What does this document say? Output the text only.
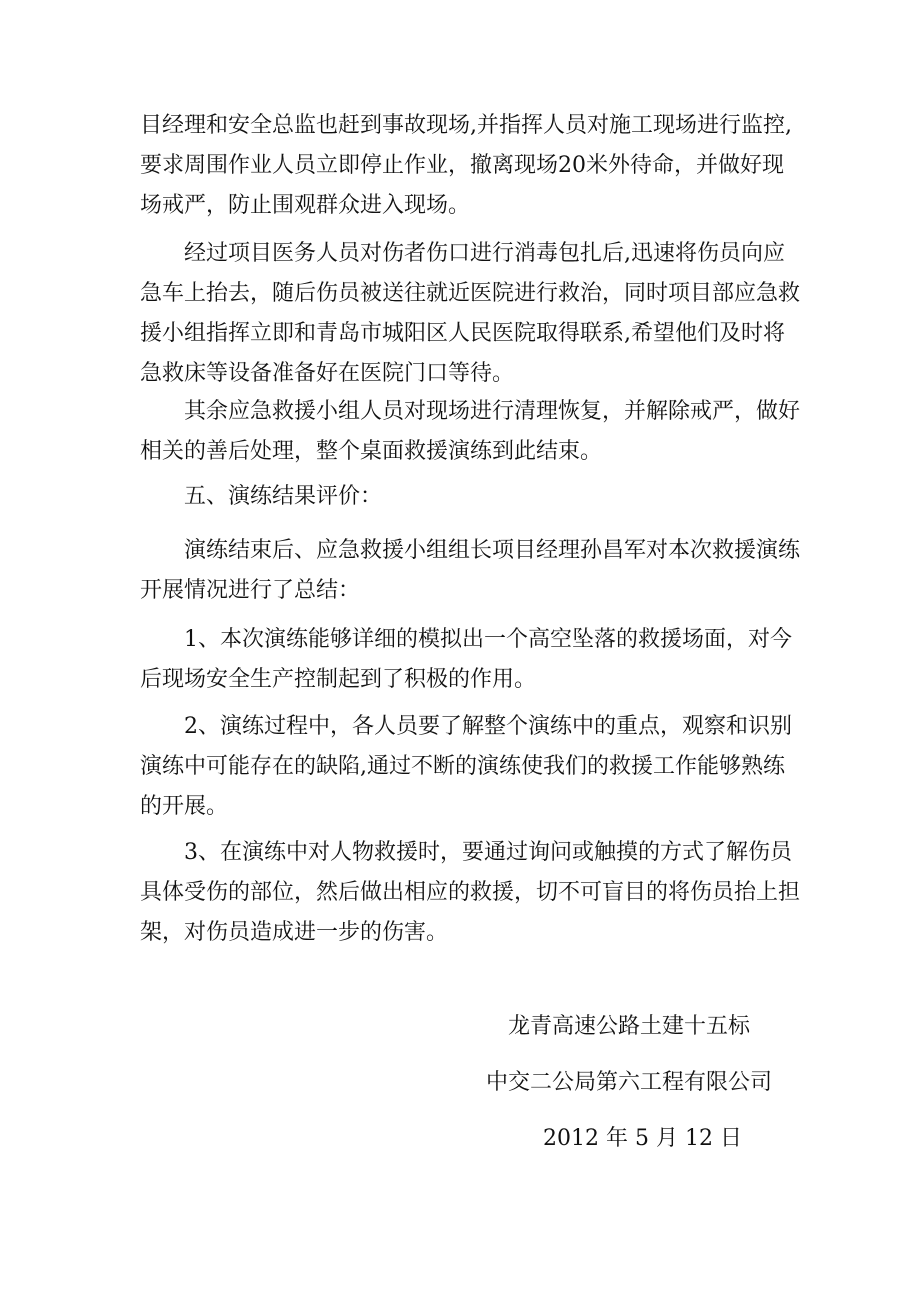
目经理和安全总监也赶到事故现场,并指挥人员对施工现场进行监控,
要求周围作业人员立即停止作业，撤离现场20米外待命，并做好现
场戒严，防止围观群众进入现场。
经过项目医务人员对伤者伤口进行消毒包扎后,迅速将伤员向应
急车上抬去，随后伤员被送往就近医院进行救治，同时项目部应急救
援小组指挥立即和青岛市城阳区人民医院取得联系,希望他们及时将
急救床等设备准备好在医院门口等待。
其余应急救援小组人员对现场进行清理恢复，并解除戒严，做好
相关的善后处理，整个桌面救援演练到此结束。
五、演练结果评价：
演练结束后、应急救援小组组长项目经理孙昌军对本次救援演练
开展情况进行了总结：
1、本次演练能够详细的模拟出一个高空坠落的救援场面，对今
后现场安全生产控制起到了积极的作用。
2、演练过程中，各人员要了解整个演练中的重点，观察和识别
演练中可能存在的缺陷,通过不断的演练使我们的救援工作能够熟练
的开展。
3、在演练中对人物救援时，要通过询问或触摸的方式了解伤员
具体受伤的部位，然后做出相应的救援，切不可盲目的将伤员抬上担
架，对伤员造成进一步的伤害。

龙青高速公路土建十五标

中交二公局第六工程有限公司

2012 年 5 月 12 日
